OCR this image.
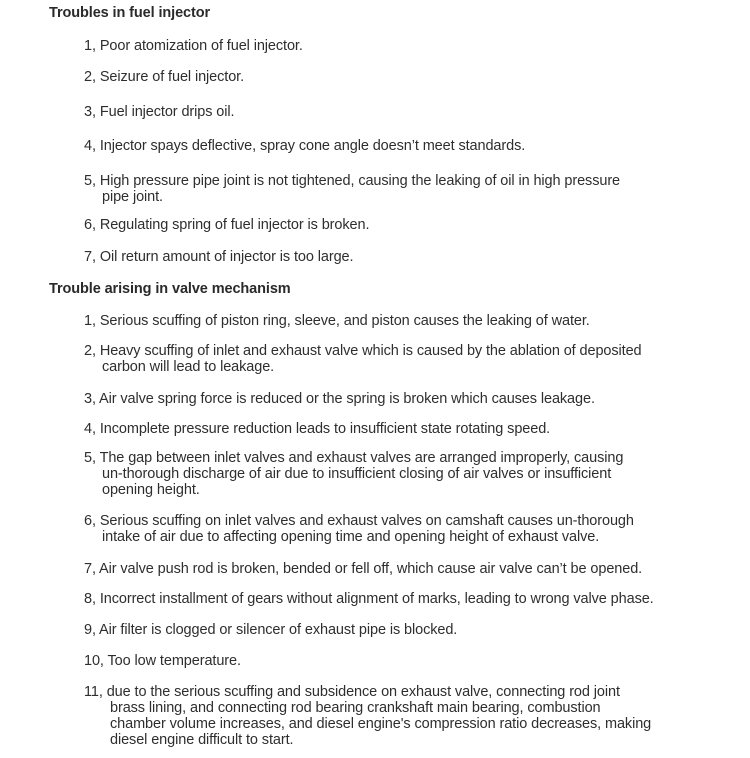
Troubles in fuel injector
1, Poor atomization of fuel injector.
2, Seizure of fuel injector.
3, Fuel injector drips oil.
4, Injector spays deflective, spray cone angle doesn’t meet standards.
5, High pressure pipe joint is not tightened, causing the leaking of oil in high pressure
pipe joint.
6, Regulating spring of fuel injector is broken.
7, Oil return amount of injector is too large.
Trouble arising in valve mechanism
1, Serious scuffing of piston ring, sleeve, and piston causes the leaking of water.
2, Heavy scuffing of inlet and exhaust valve which is caused by the ablation of deposited
carbon will lead to leakage.
3, Air valve spring force is reduced or the spring is broken which causes leakage.
4, Incomplete pressure reduction leads to insufficient state rotating speed.
5, The gap between inlet valves and exhaust valves are arranged improperly, causing
un-thorough discharge of air due to insufficient closing of air valves or insufficient
opening height.
6, Serious scuffing on inlet valves and exhaust valves on camshaft causes un-thorough
intake of air due to affecting opening time and opening height of exhaust valve.
7, Air valve push rod is broken, bended or fell off, which cause air valve can’t be opened.
8, Incorrect installment of gears without alignment of marks, leading to wrong valve phase.
9, Air filter is clogged or silencer of exhaust pipe is blocked.
10, Too low temperature.
11, due to the serious scuffing and subsidence on exhaust valve, connecting rod joint
brass lining, and connecting rod bearing crankshaft main bearing, combustion
chamber volume increases, and diesel engine's compression ratio decreases, making
diesel engine difficult to start.
